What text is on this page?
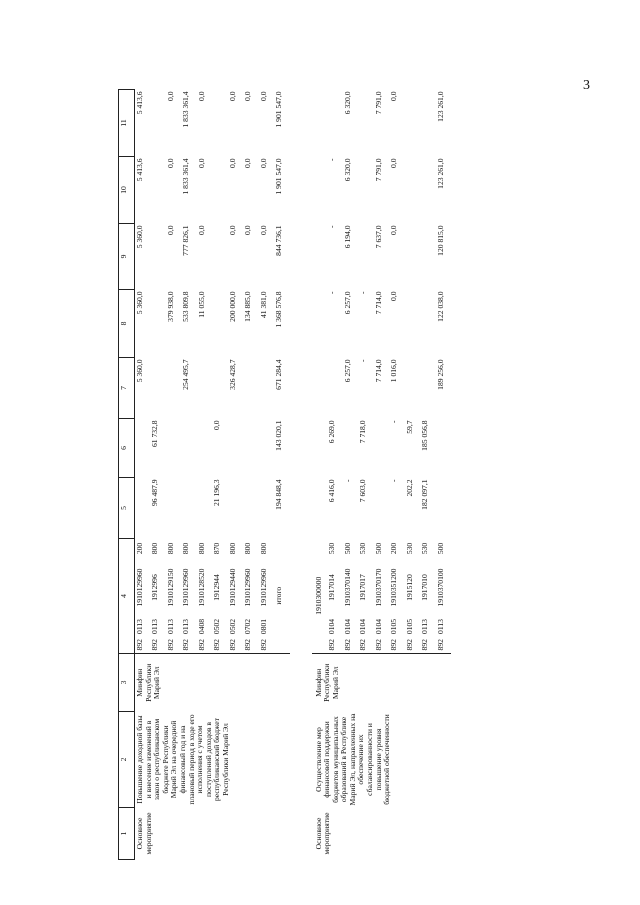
3
1	2	3	4				5	6	7	8	9	10	11
Основное мероприятие	Повышение доходной базы и внесение изменений в закон о республиканском бюджете Республики Марий Эл на очередной финансовый год и на плановый период в ходе его исполнения с учетом поступлений доходов в республиканский бюджет Республики Марий Эл	Минфин Республики Марий Эл	892	0113	1910129960	200			5 360,0	5 360,0	5 360,0	5 413,6	5 413,6
			892	0113	1912996	800	96 487,9	61 732,8					
			892	0113	1910129150	800				379 938,0	0,0	0,0	0,0
			892	0113	1910129960	800			254 495,7	533 809,8	777 826,1	1 833 361,4	1 833 361,4
			892	0408	1910128520	800				11 055,0	0,0	0,0	0,0
			892	0502	1912944	870	21 196,3	0,0					
			892	0502	1910129440	800			326 428,7	200 000,0	0,0	0,0	0,0
			892	0702	1910129960	800				134 885,0	0,0	0,0	0,0
			892	0801	1910129960	800				41 381,0	0,0	0,0	0,0
			итого				194 848,4	143 020,1	671 284,4	1 368 576,8	844 736,1	1 901 547,0	1 901 547,0

Основное мероприятие	Осуществление мер финансовой поддержки бюджетов муниципальных образований в Республике Марий Эл, направленных на обеспечение их сбалансированности и повышение уровня бюджетной обеспеченности	Минфин Республики Марий Эл	1910300000										
			892	0104	1917014	530	6 416,0	6 269,0		-	-	-	
			892	0104	1910370140	500	-		6 257,0	6 257,0	6 194,0	6 320,0	6 320,0
			892	0104	1917017	530	7 603,0	7 718,0	-	-			
			892	0104	1910370170	500			7 714,0	7 714,0	7 637,0	7 791,0	7 791,0
			892	0105	1910351200	200	-	-	1 016,0	0,0	0,0	0,0	0,0
			892	0105	1915120	530	202,2	59,7					
			892	0113	1917010	530	182 097,1	185 056,8					
			892	0113	1910370100	500			189 256,0	122 038,0	120 815,0	123 261,0	123 261,0
